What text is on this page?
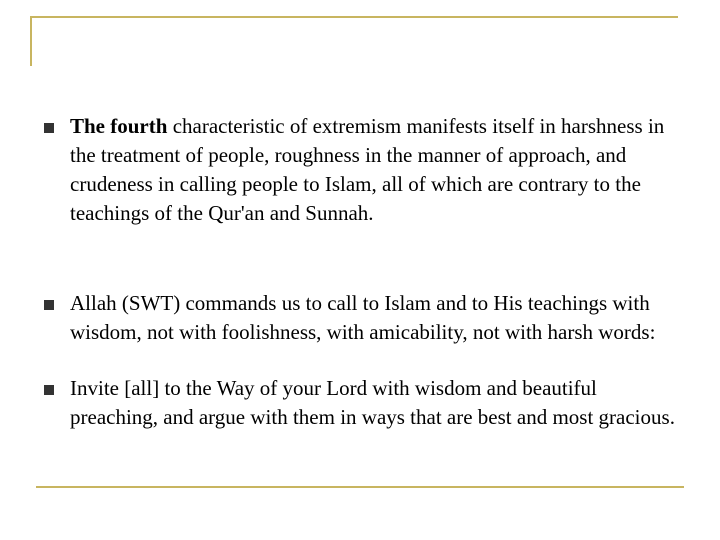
The fourth characteristic of extremism manifests itself in harshness in the treatment of people, roughness in the manner of approach, and crudeness in calling people to Islam, all of which are contrary to the teachings of the Qur'an and Sunnah.
Allah (SWT) commands us to call to Islam and to His teachings with wisdom, not with foolishness, with amicability, not with harsh words:
Invite [all] to the Way of your Lord with wisdom and beautiful preaching, and argue with them in ways that are best and most gracious.
